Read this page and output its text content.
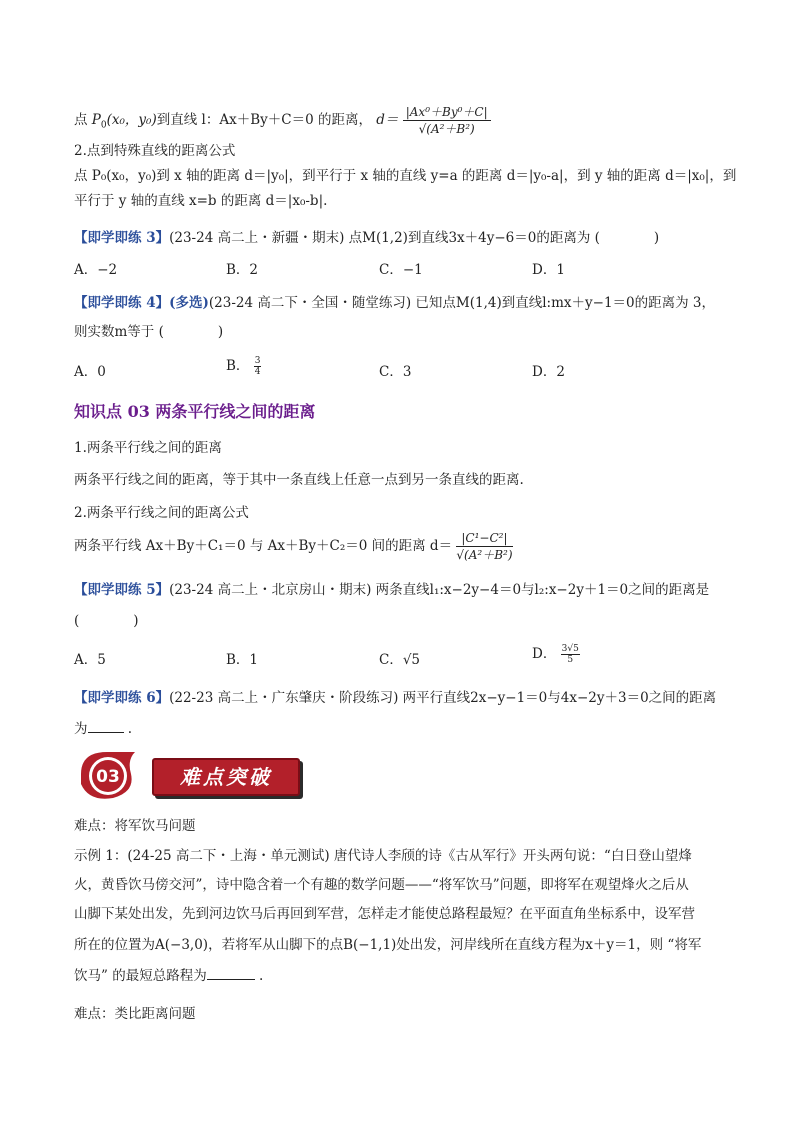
点 $P_0(x_0$，y₀)到直线 l：Ax＋By＋C＝0 的距离， $d= \frac{\text{|Ax⁰＋By⁰＋C|}}{\text{√(A²＋B²)}}$
2.点到特殊直线的距离公式
点 P₀(x₀，y₀)到 x 轴的距离 d＝|y₀|，到平行于 x 轴的直线 y=a 的距离 d＝|y₀-a|，到 y 轴的距离 d＝|x₀|，到
平行于 y 轴的直线 x=b 的距离 d＝|x₀-b|.
【即学即练 3】(23-24 高二上・新疆・期末) 点M(1,2)到直线3x＋4y−6＝0的距离为 (　　　　)
A．−2	B．2	C．−1	D．1
【即学即练 4】(多选)(23-24 高二下・全国・随堂练习) 已知点M(1,4)到直线l:mx＋y−1＝0的距离为 3，
则实数m等于 (　　　　)
A．0	B． $\frac{3}{4}$	C．3	D．2
知识点 03 两条平行线之间的距离
1.两条平行线之间的距离
两条平行线之间的距离，等于其中一条直线上任意一点到另一条直线的距离.
2.两条平行线之间的距离公式
两条平行线 Ax＋By＋C₁＝0 与 Ax＋By＋C₂＝0 间的距离 $d= \frac{\text{|C¹−C²|}}{\text{√(A²＋B²)}}$
【即学即练 5】(23-24 高二上・北京房山・期末) 两条直线l₁:x−2y−4＝0与l₂:x−2y＋1＝0之间的距离是
(　　　　)
A．5	B．1	C．√5	D． $\frac{3√5}{5}$
【即学即练 6】(22-23 高二上・广东肇庆・阶段练习) 两平行直线2x−y−1＝0与4x−2y＋3＝0之间的距离
为	.
03	难点突破
难点：将军饮马问题
示例 1：(24-25 高二下・上海・单元测试) 唐代诗人李颀的诗《古从军行》开头两句说：“白日登山望烽
火，黄昏饮马傍交河”，诗中隐含着一个有趣的数学问题——“将军饮马”问题，即将军在观望烽火之后从
山脚下某处出发，先到河边饮马后再回到军营，怎样走才能使总路程最短？在平面直角坐标系中，设军营
所在的位置为A(−3,0)，若将军从山脚下的点B(−1,1)处出发，河岸线所在直线方程为x＋y＝1，则 “将军
饮马” 的最短总路程为	.
难点：类比距离问题
